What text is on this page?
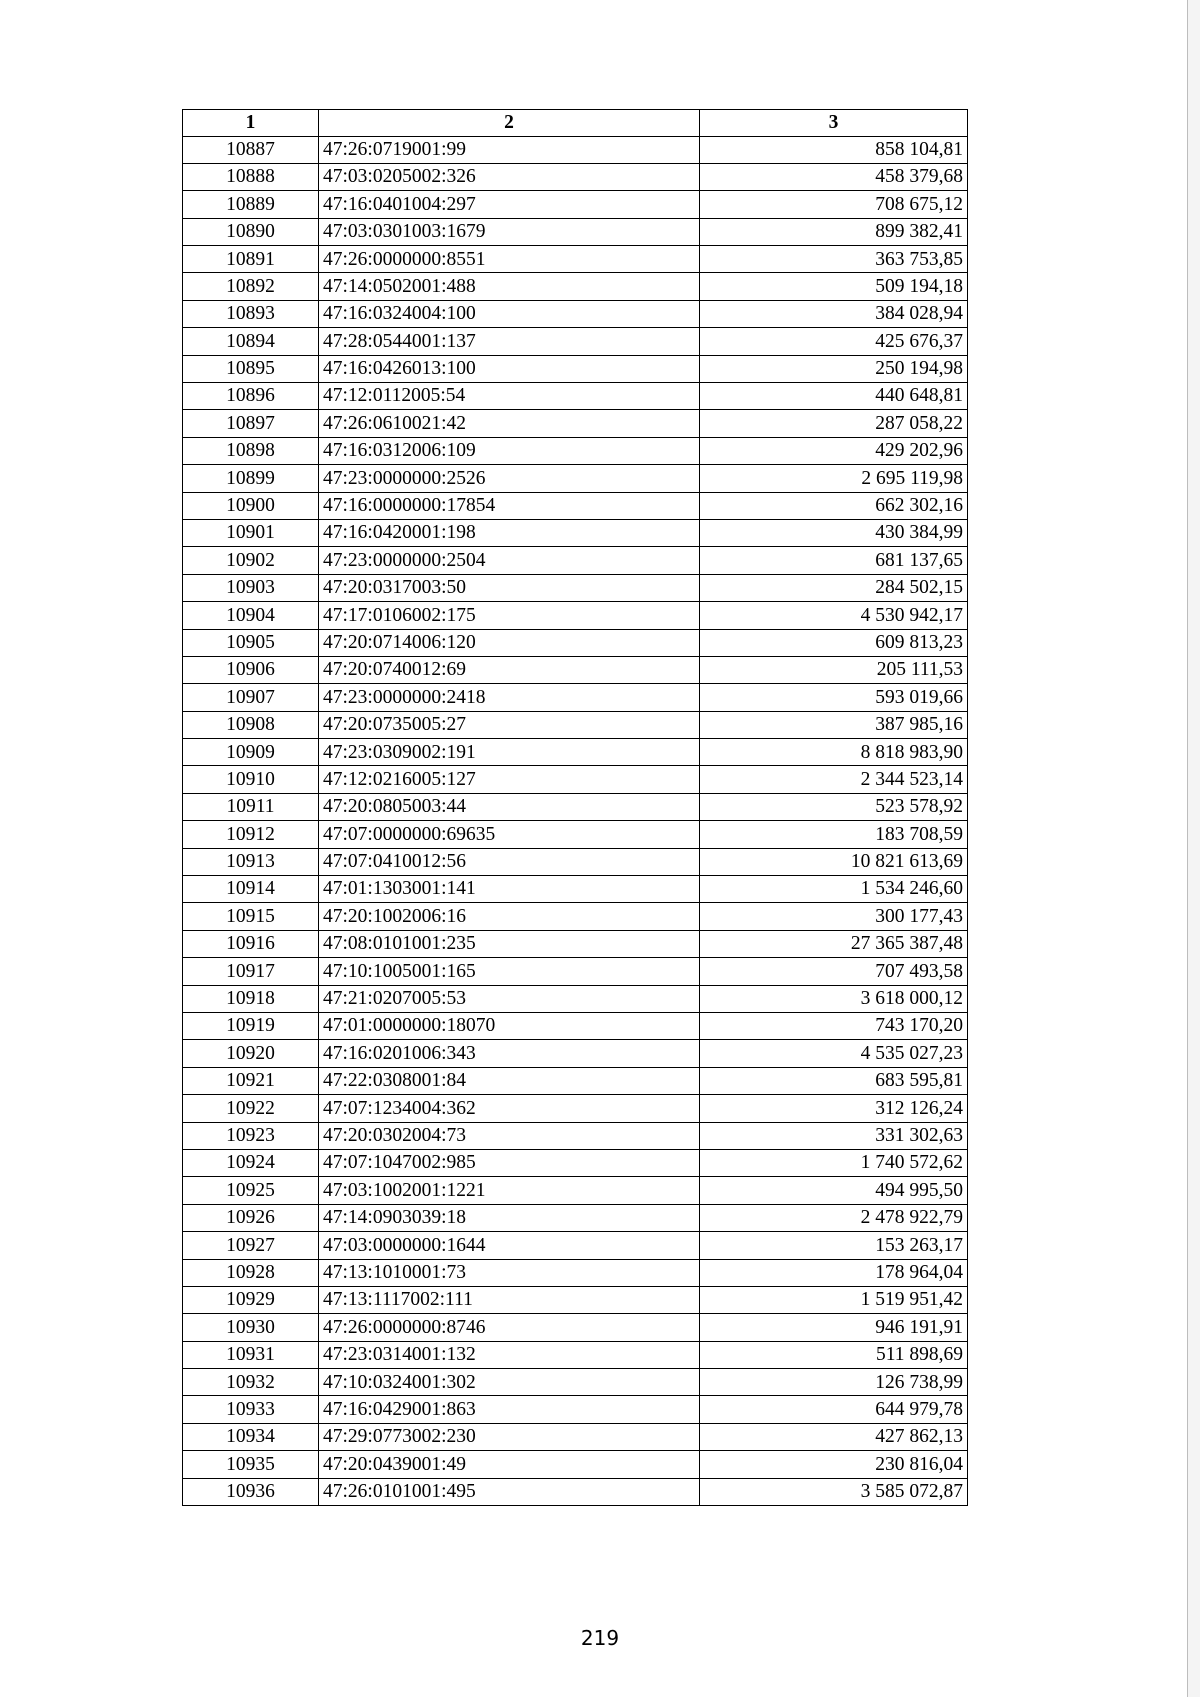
1	2	3
10887	47:26:0719001:99	858 104,81
10888	47:03:0205002:326	458 379,68
10889	47:16:0401004:297	708 675,12
10890	47:03:0301003:1679	899 382,41
10891	47:26:0000000:8551	363 753,85
10892	47:14:0502001:488	509 194,18
10893	47:16:0324004:100	384 028,94
10894	47:28:0544001:137	425 676,37
10895	47:16:0426013:100	250 194,98
10896	47:12:0112005:54	440 648,81
10897	47:26:0610021:42	287 058,22
10898	47:16:0312006:109	429 202,96
10899	47:23:0000000:2526	2 695 119,98
10900	47:16:0000000:17854	662 302,16
10901	47:16:0420001:198	430 384,99
10902	47:23:0000000:2504	681 137,65
10903	47:20:0317003:50	284 502,15
10904	47:17:0106002:175	4 530 942,17
10905	47:20:0714006:120	609 813,23
10906	47:20:0740012:69	205 111,53
10907	47:23:0000000:2418	593 019,66
10908	47:20:0735005:27	387 985,16
10909	47:23:0309002:191	8 818 983,90
10910	47:12:0216005:127	2 344 523,14
10911	47:20:0805003:44	523 578,92
10912	47:07:0000000:69635	183 708,59
10913	47:07:0410012:56	10 821 613,69
10914	47:01:1303001:141	1 534 246,60
10915	47:20:1002006:16	300 177,43
10916	47:08:0101001:235	27 365 387,48
10917	47:10:1005001:165	707 493,58
10918	47:21:0207005:53	3 618 000,12
10919	47:01:0000000:18070	743 170,20
10920	47:16:0201006:343	4 535 027,23
10921	47:22:0308001:84	683 595,81
10922	47:07:1234004:362	312 126,24
10923	47:20:0302004:73	331 302,63
10924	47:07:1047002:985	1 740 572,62
10925	47:03:1002001:1221	494 995,50
10926	47:14:0903039:18	2 478 922,79
10927	47:03:0000000:1644	153 263,17
10928	47:13:1010001:73	178 964,04
10929	47:13:1117002:111	1 519 951,42
10930	47:26:0000000:8746	946 191,91
10931	47:23:0314001:132	511 898,69
10932	47:10:0324001:302	126 738,99
10933	47:16:0429001:863	644 979,78
10934	47:29:0773002:230	427 862,13
10935	47:20:0439001:49	230 816,04
10936	47:26:0101001:495	3 585 072,87
219
